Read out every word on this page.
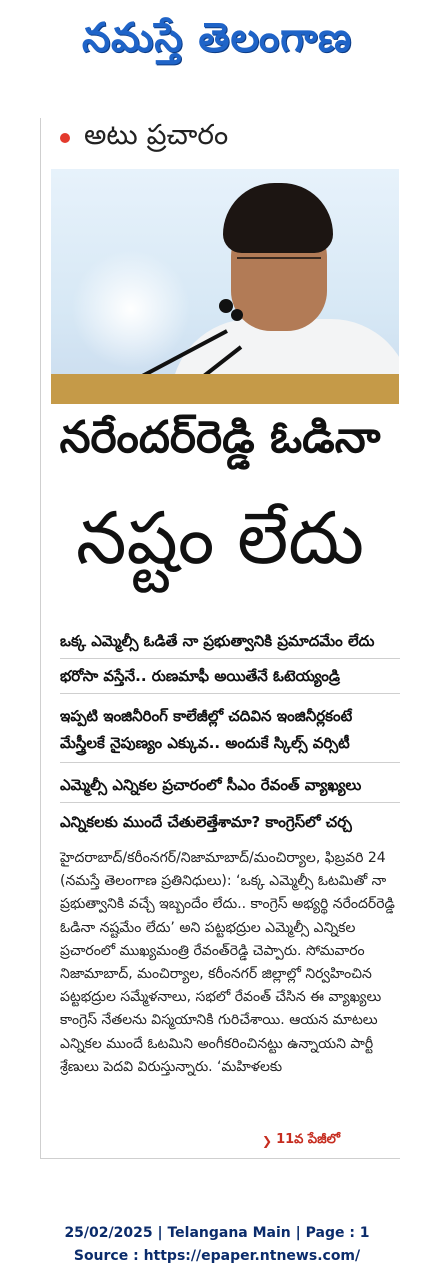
నమస్తే తెలంగాణ
అటు ప్రచారం
నరేందర్‌రెడ్డి ఓడినా
నష్టం లేదు
ఒక్క ఎమ్మెల్సీ ఓడితే నా ప్రభుత్వానికి ప్రమాదమేం లేదు
భరోసా వస్తేనే.. రుణమాఫీ అయితేనే ఓటెయ్యండ్రి
ఇప్పటి ఇంజినీరింగ్ కాలేజీల్లో చదివిన ఇంజినీర్లకంటే మేస్త్రీలకే నైపుణ్యం ఎక్కువ.. అందుకే స్కిల్స్ వర్సిటీ
ఎమ్మెల్సీ ఎన్నికల ప్రచారంలో సీఎం రేవంత్ వ్యాఖ్యలు
ఎన్నికలకు ముందే చేతులెత్తేశామా? కాంగ్రెస్‌లో చర్చ

హైదరాబాద్/కరీంనగర్/నిజామాబాద్/మంచిర్యాల, ఫిబ్రవరి 24 (నమస్తే తెలంగాణ ప్రతినిధులు): ‘ఒక్క ఎమ్మెల్సీ ఓటమితో నా ప్రభుత్వానికి వచ్చే ఇబ్బందేం లేదు.. కాంగ్రెస్ అభ్యర్థి నరేందర్‌రెడ్డి ఓడినా నష్టమేం లేదు’ అని పట్టభద్రుల ఎమ్మెల్సీ ఎన్నికల ప్రచారంలో ముఖ్యమంత్రి రేవంత్‌రెడ్డి చెప్పారు. సోమవారం నిజామాబాద్, మంచిర్యాల, కరీంనగర్ జిల్లాల్లో నిర్వహించిన పట్టభద్రుల సమ్మేళనాలు, సభలో రేవంత్ చేసిన ఈ వ్యాఖ్యలు కాంగ్రెస్ నేతలను విస్మయానికి గురిచేశాయి. ఆయన మాటలు ఎన్నికల ముందే ఓటమిని అంగీకరించినట్టు ఉన్నాయని పార్టీ శ్రేణులు పెదవి విరుస్తున్నారు. ‘మహిళలకు

❯ 11వ పేజీలో
25/02/2025 | Telangana Main | Page : 1
Source : https://epaper.ntnews.com/
